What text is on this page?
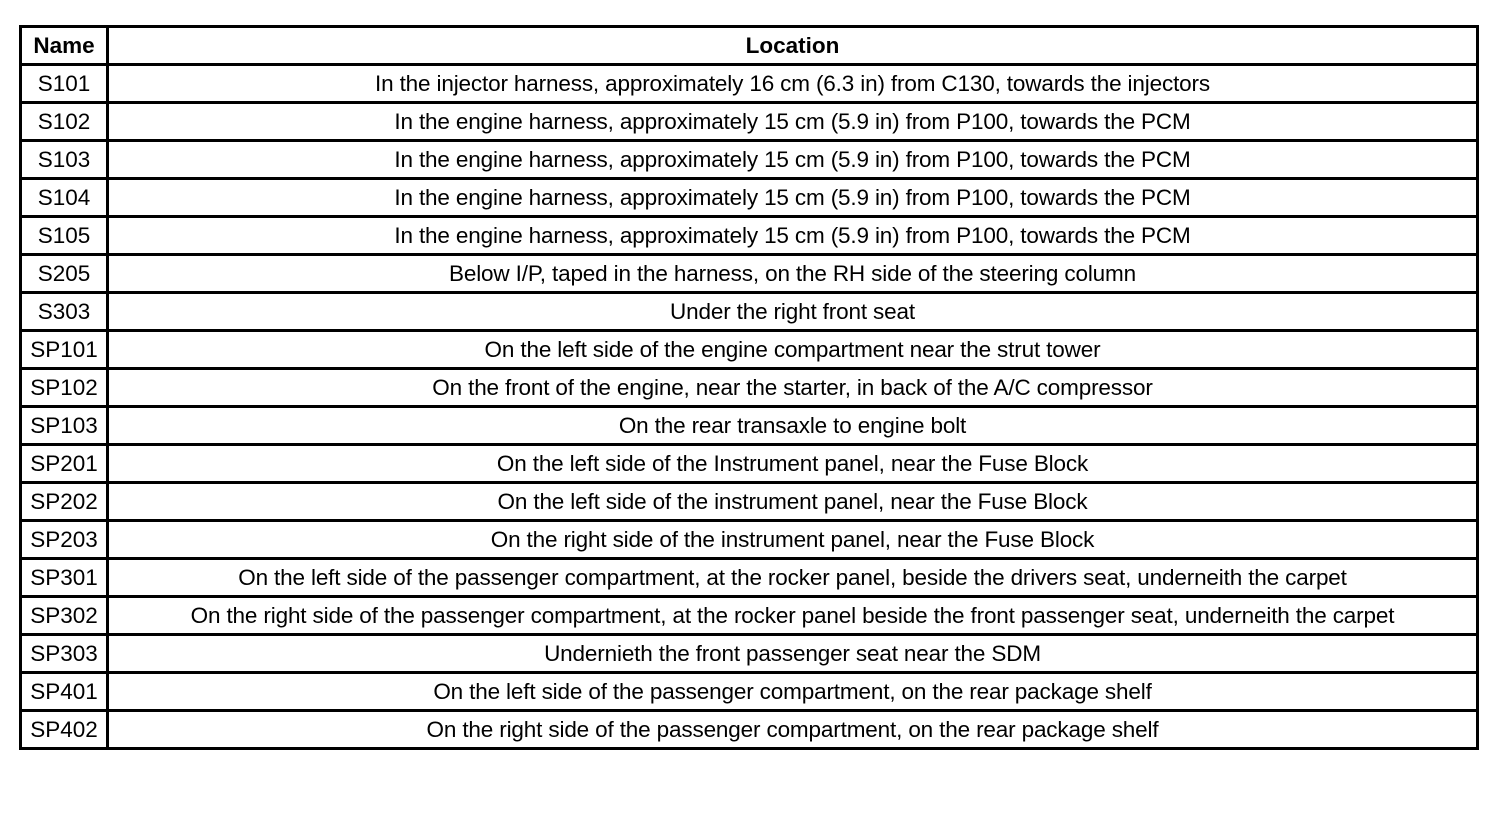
Name	Location
S101	In the injector harness, approximately 16 cm (6.3 in) from C130, towards the injectors
S102	In the engine harness, approximately 15 cm (5.9 in) from P100, towards the PCM
S103	In the engine harness, approximately 15 cm (5.9 in) from P100, towards the PCM
S104	In the engine harness, approximately 15 cm (5.9 in) from P100, towards the PCM
S105	In the engine harness, approximately 15 cm (5.9 in) from P100, towards the PCM
S205	Below I/P, taped in the harness, on the RH side of the steering column
S303	Under the right front seat
SP101	On the left side of the engine compartment near the strut tower
SP102	On the front of the engine, near the starter, in back of the A/C compressor
SP103	On the rear transaxle to engine bolt
SP201	On the left side of the Instrument panel, near the Fuse Block
SP202	On the left side of the instrument panel, near the Fuse Block
SP203	On the right side of the instrument panel, near the Fuse Block
SP301	On the left side of the passenger compartment, at the rocker panel, beside the drivers seat, underneith the carpet
SP302	On the right side of the passenger compartment, at the rocker panel beside the front passenger seat, underneith the carpet
SP303	Undernieth the front passenger seat near the SDM
SP401	On the left side of the passenger compartment, on the rear package shelf
SP402	On the right side of the passenger compartment, on the rear package shelf
